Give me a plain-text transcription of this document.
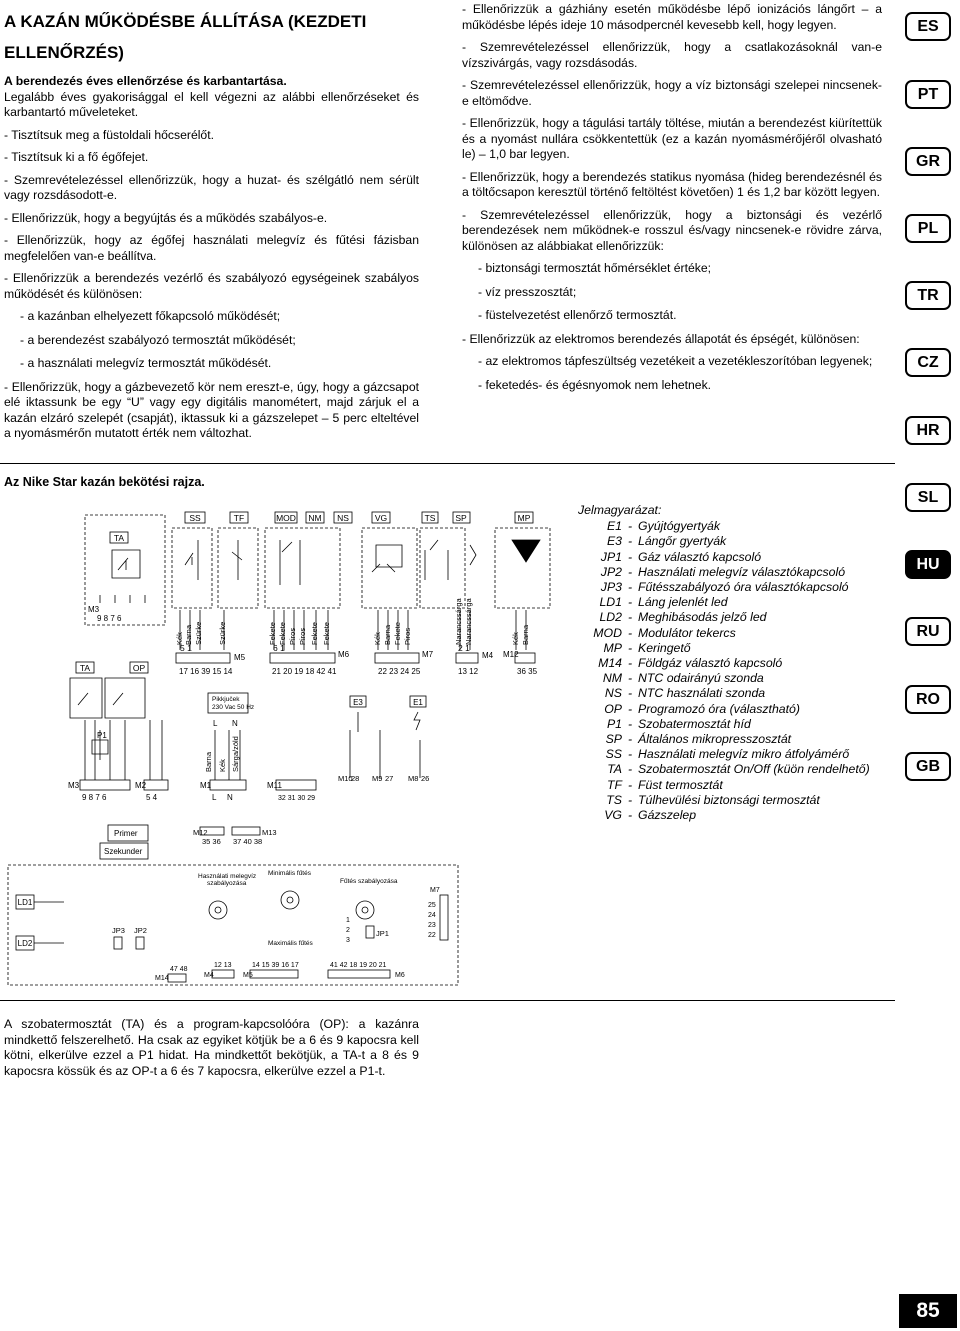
A KAZÁN MŰKÖDÉSBE ÁLLÍTÁSA (KEZDETI
ELLENŐRZÉS)

A berendezés éves ellenőrzése és karbantartása.

Legalább éves gyakorisággal el kell végezni az alábbi ellenőrzéseket és karbantartó műveleteket.

- Tisztítsuk meg a füstoldali hőcserélőt.

- Tisztítsuk ki a fő égőfejet.

- Szemrevételezéssel ellenőrizzük, hogy a huzat- és szélgátló nem sérült vagy rozsdásodott-e.

- Ellenőrizzük, hogy a begyújtás és a működés szabályos-e.

- Ellenőrizzük, hogy az égőfej használati melegvíz és fűtési fázisban megfelelően van-e beállítva.

- Ellenőrizzük a berendezés vezérlő és szabályozó egységeinek szabályos működését és különösen:

- a kazánban elhelyezett főkapcsoló működését;

- a berendezést szabályozó termosztát működését;

- a használati melegvíz termosztát működését.

- Ellenőrizzük, hogy a gázbevezető kör nem ereszt-e, úgy, hogy a gázcsapot elé iktassunk be egy “U” vagy egy digitális manométert, majd zárjuk el a kazán elzáró szelepét (csapját), iktassuk ki a gázszelepet – 5 perc elteltével a nyomásmérőn mutatott érték nem változhat.

- Ellenőrizzük a gázhiány esetén működésbe lépő ionizációs lángőrt – a működésbe lépés ideje 10 másodpercnél kevesebb kell, hogy legyen.

- Szemrevételezéssel ellenőrizzük, hogy a csatlakozásoknál van-e vízszivárgás, vagy rozsdásodás.

- Szemrevételezéssel ellenőrizzük, hogy a víz biztonsági szelepei nincsenek-e eltömődve.

- Ellenőrizzük, hogy a tágulási tartály töltése, miután a berendezést kiürítettük és a nyomást nullára csökkentettük (ez a kazán nyomásmérőjéről olvasható le) – 1,0 bar legyen.

- Ellenőrizzük, hogy a berendezés statikus nyomása (hideg berendezésnél és a töltőcsapon keresztül történő feltöltést követően) 1 és 1,2 bar között legyen.

- Szemrevételezéssel ellenőrizzük, hogy a biztonsági és vezérlő berendezések nem működnek-e rosszul és/vagy nincsenek-e rövidre zárva, különösen az alábbiakat ellenőrizzük:

- biztonsági termosztát hőmérséklet értéke;

- víz presszosztát;

- füstelvezetést ellenőrző termosztát.

- Ellenőrizzük az elektromos berendezés állapotát és épségét, különösen:

- az elektromos tápfeszültség vezetékeit a vezetékleszorítóban legyenek;

- feketedés- és égésnyomok nem lehetnek.

ES
PT
GR
PL
TR
CZ
HR
SL
HU
RU
RO
GB
Az Nike Star kazán bekötési rajza.
SS	TF	MOD NM NS	VG	TS SP	MP
TA
M3
9 8 7 6
Kék Barna Szürke Szürke	Fekete Fekete Piros Piros Fekete Fekete	Kék Barna Fekete Piros	Narancssárga Narancssárga	Kék Barna
5 1
M5
17 16 39 15 14
6 1
M6
21 20 19 18 42 41
M7
22 23 24 25
2 1
M4
13 12
M12
36 35
TA	OP
P1
M3
9 8 7 6
M2
5 4
Pikkjuček
230 Vac 50 Hz
L N
Barna Kék Sárga/zöld
M1
L N
M11
32 31 30 29
E3	E1
M10
28 M9 27 M8 26
Primer
Szekunder
M12
35 36
M13
37 40 38
Használati melegvíz
szabályozása
Minimális fűtés
Maximális fűtés
Fűtés szabályozása
LD1
LD2
JP3 JP2
1
2
3
JP1
M14
47 48
M4
12 13
M5
14 15 39 16 17
M6
41 42 18 19 20 21
M7
25
24
23
22
Jelmagyarázat:
E1 - Gyújtógyertyák
E3 - Lángőr gyertyák
JP1 - Gáz választó kapcsoló
JP2 - Használati melegvíz választókapcsoló
JP3 - Fűtésszabályozó óra választókapcsoló
LD1 - Láng jelenlét led
LD2 - Meghibásodás jelző led
MOD - Modulátor tekercs
MP - Keringető
M14 - Földgáz választó kapcsoló
NM - NTC odairányú szonda
NS - NTC használati szonda
OP - Programozó óra (választható)
P1 - Szobatermosztát híd
SP - Általános mikropresszosztát
SS - Használati melegvíz mikro átfolyámérő
TA - Szobatermosztát On/Off (küön rendelhető)
TF - Füst termosztát
TS - Túlhevülési biztonsági termosztát
VG - Gázszelep
A szobatermosztát (TA) és a program-kapcsolóóra (OP): a kazánra mindkettő felszerelhető. Ha csak az egyiket kötjük be a 6 és 9 kapocsra kell kötni, elkerülve ezzel a P1 hidat. Ha mindkettőt bekötjük, a TA-t a 8 és 9 kapocsra kössük és az OP-t a 6 és 7 kapocsra, elkerülve ezzel a P1-t.
85
